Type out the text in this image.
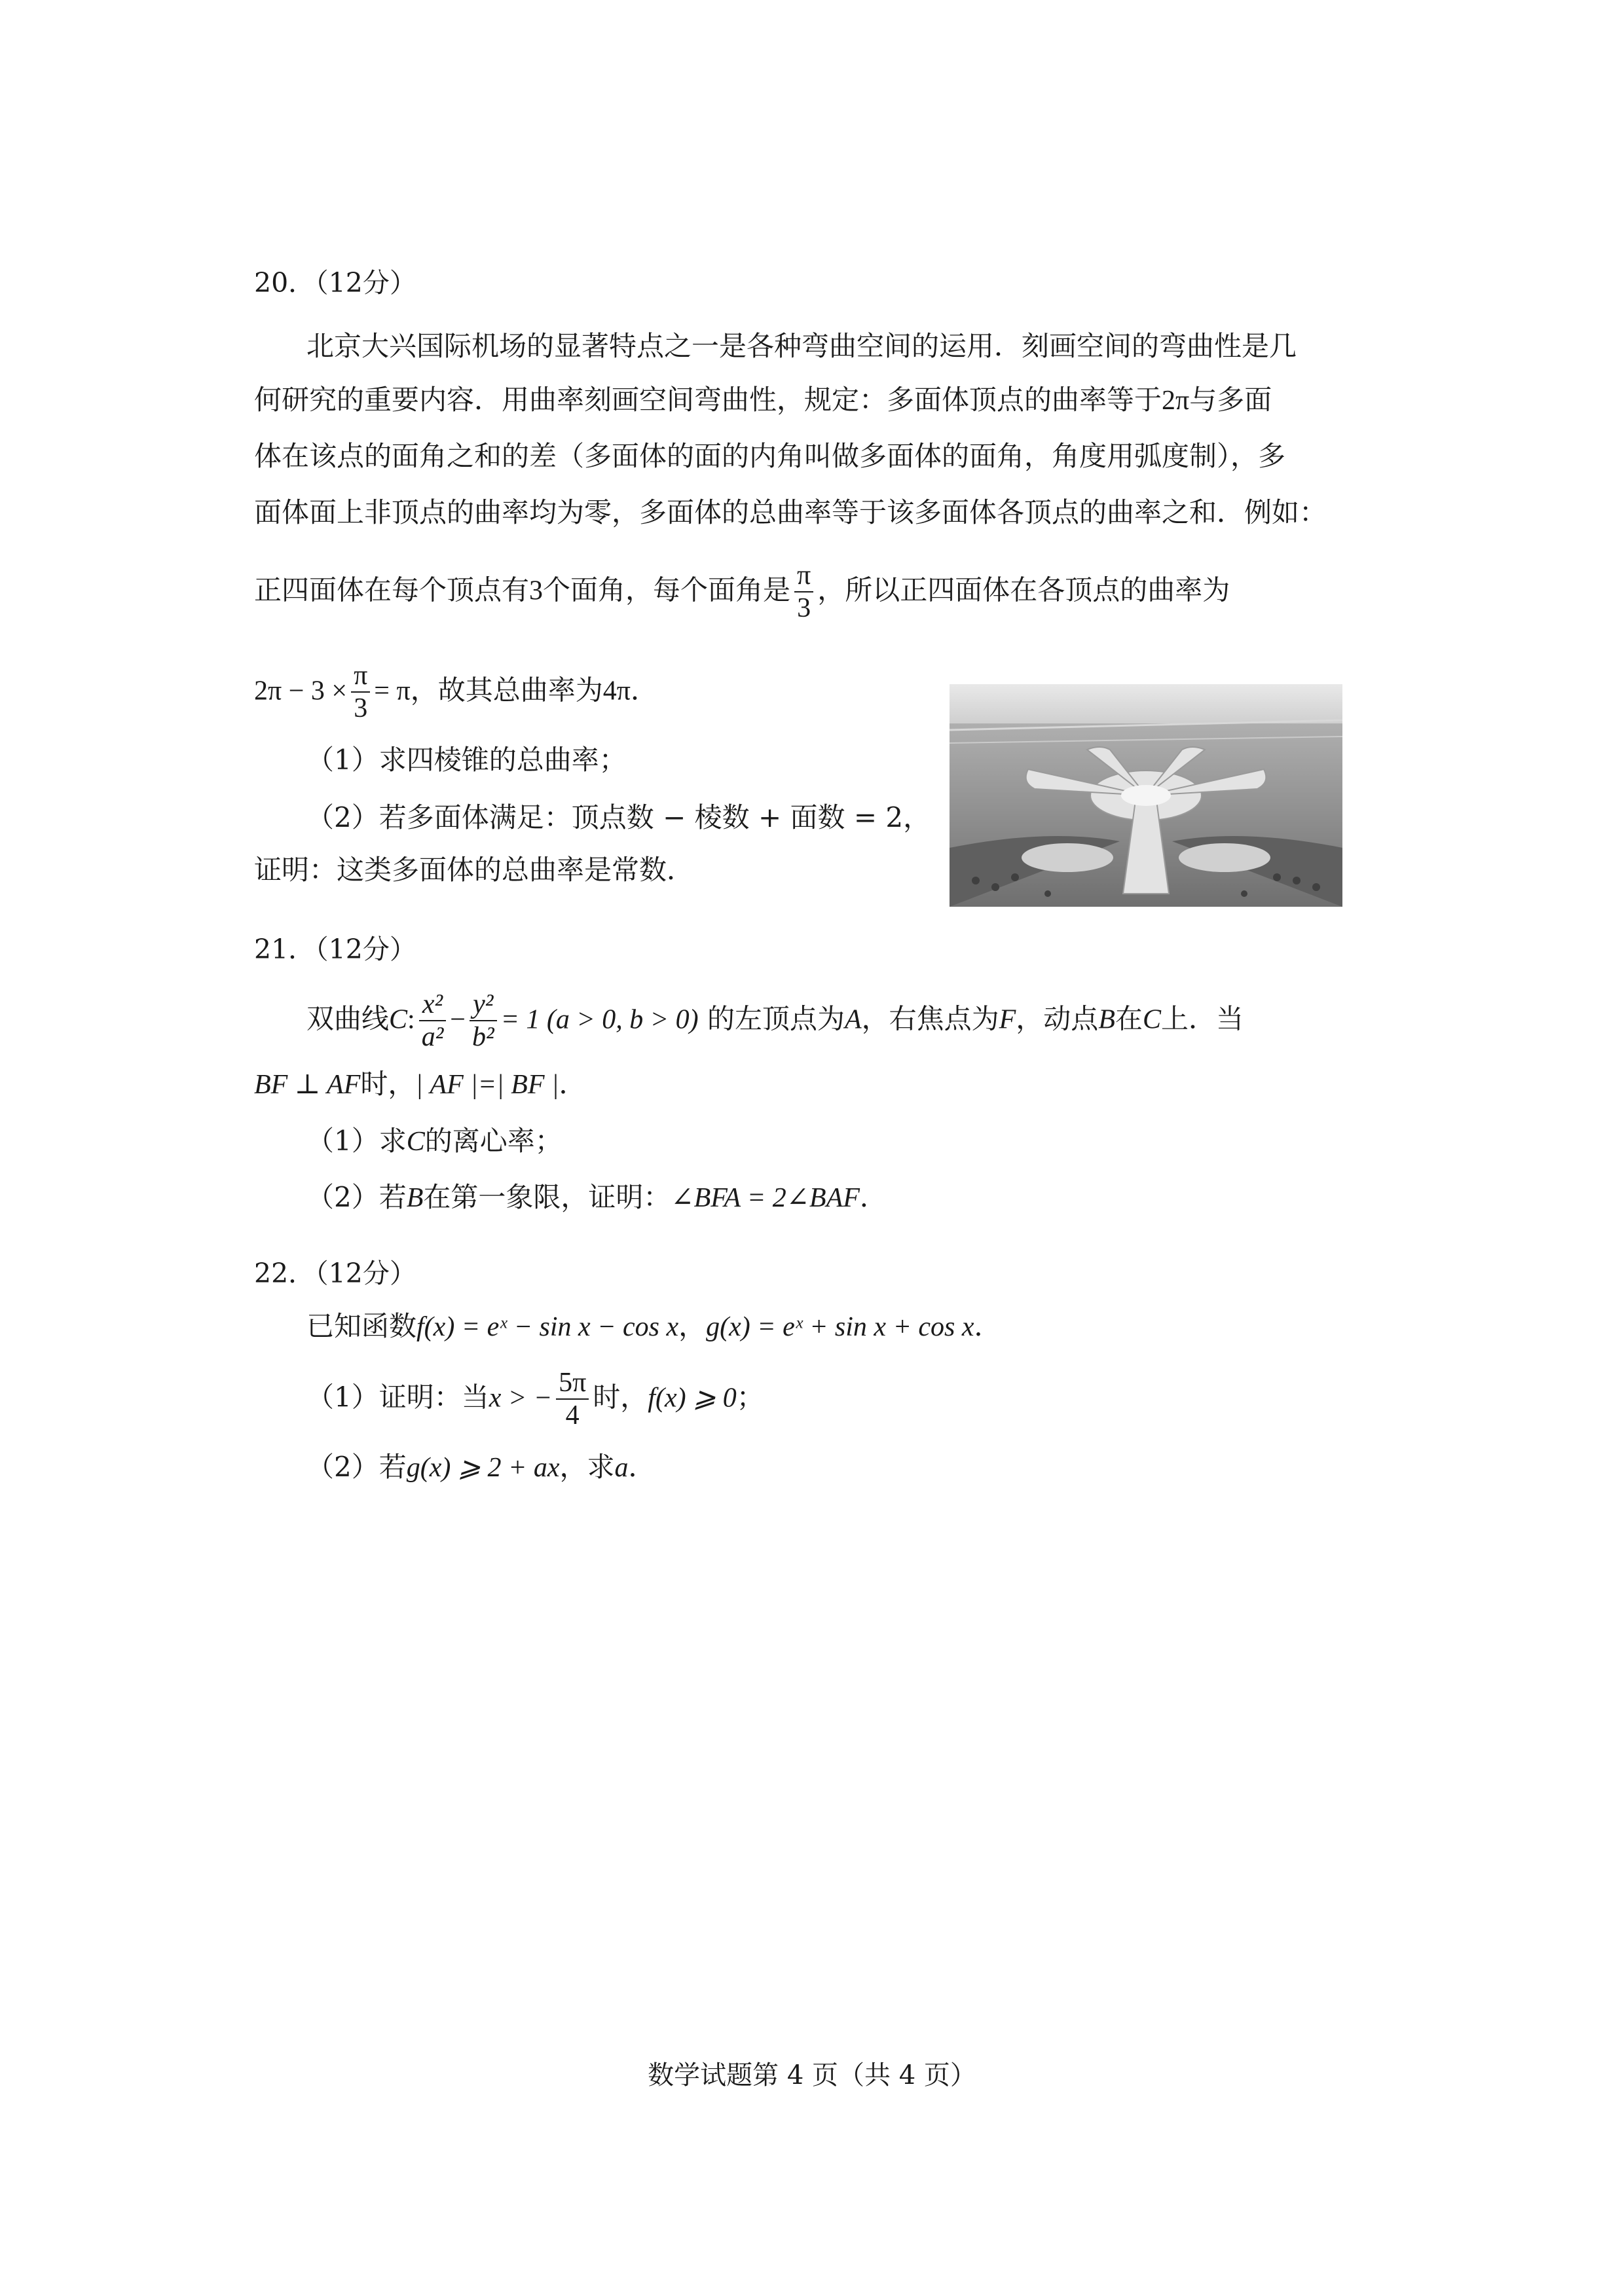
20．（12分）
北京大兴国际机场的显著特点之一是各种弯曲空间的运用．刻画空间的弯曲性是几
何研究的重要内容．用曲率刻画空间弯曲性，规定：多面体顶点的曲率等于2π与多面
体在该点的面角之和的差（多面体的面的内角叫做多面体的面角，角度用弧度制），多
面体面上非顶点的曲率均为零，多面体的总曲率等于该多面体各顶点的曲率之和．例如：
正四面体在每个顶点有3个面角，每个面角是 $\frac{\pi}{3}$ ，所以正四面体在各顶点的曲率为
$2\pi - 3 \times \frac{\pi}{3} = \pi$，故其总曲率为4π．
（1）求四棱锥的总曲率；
（2）若多面体满足：顶点数 − 棱数 + 面数 = 2，
证明：这类多面体的总曲率是常数．
21．（12分）
双曲线C: $\frac{\text{x²}}{\text{a²}} - \frac{\text{y²}}{\text{b²}} = 1$ (a > 0, b > 0) 的左顶点为A，右焦点为F，动点B在C上．当
BF ⊥ AF时，| AF |=| BF |．
（1）求C的离心率；
（2）若B在第一象限，证明：∠BFA = 2∠BAF．
22．（12分）
已知函数f(x) = eˣ − sin x − cos x，g(x) = eˣ + sin x + cos x．
（1）证明：当x > − $\frac{5\pi}{4}$ 时，f(x) ⩾ 0；
（2）若g(x) ⩾ 2 + ax，求a．
数学试题第 4 页（共 4 页）
